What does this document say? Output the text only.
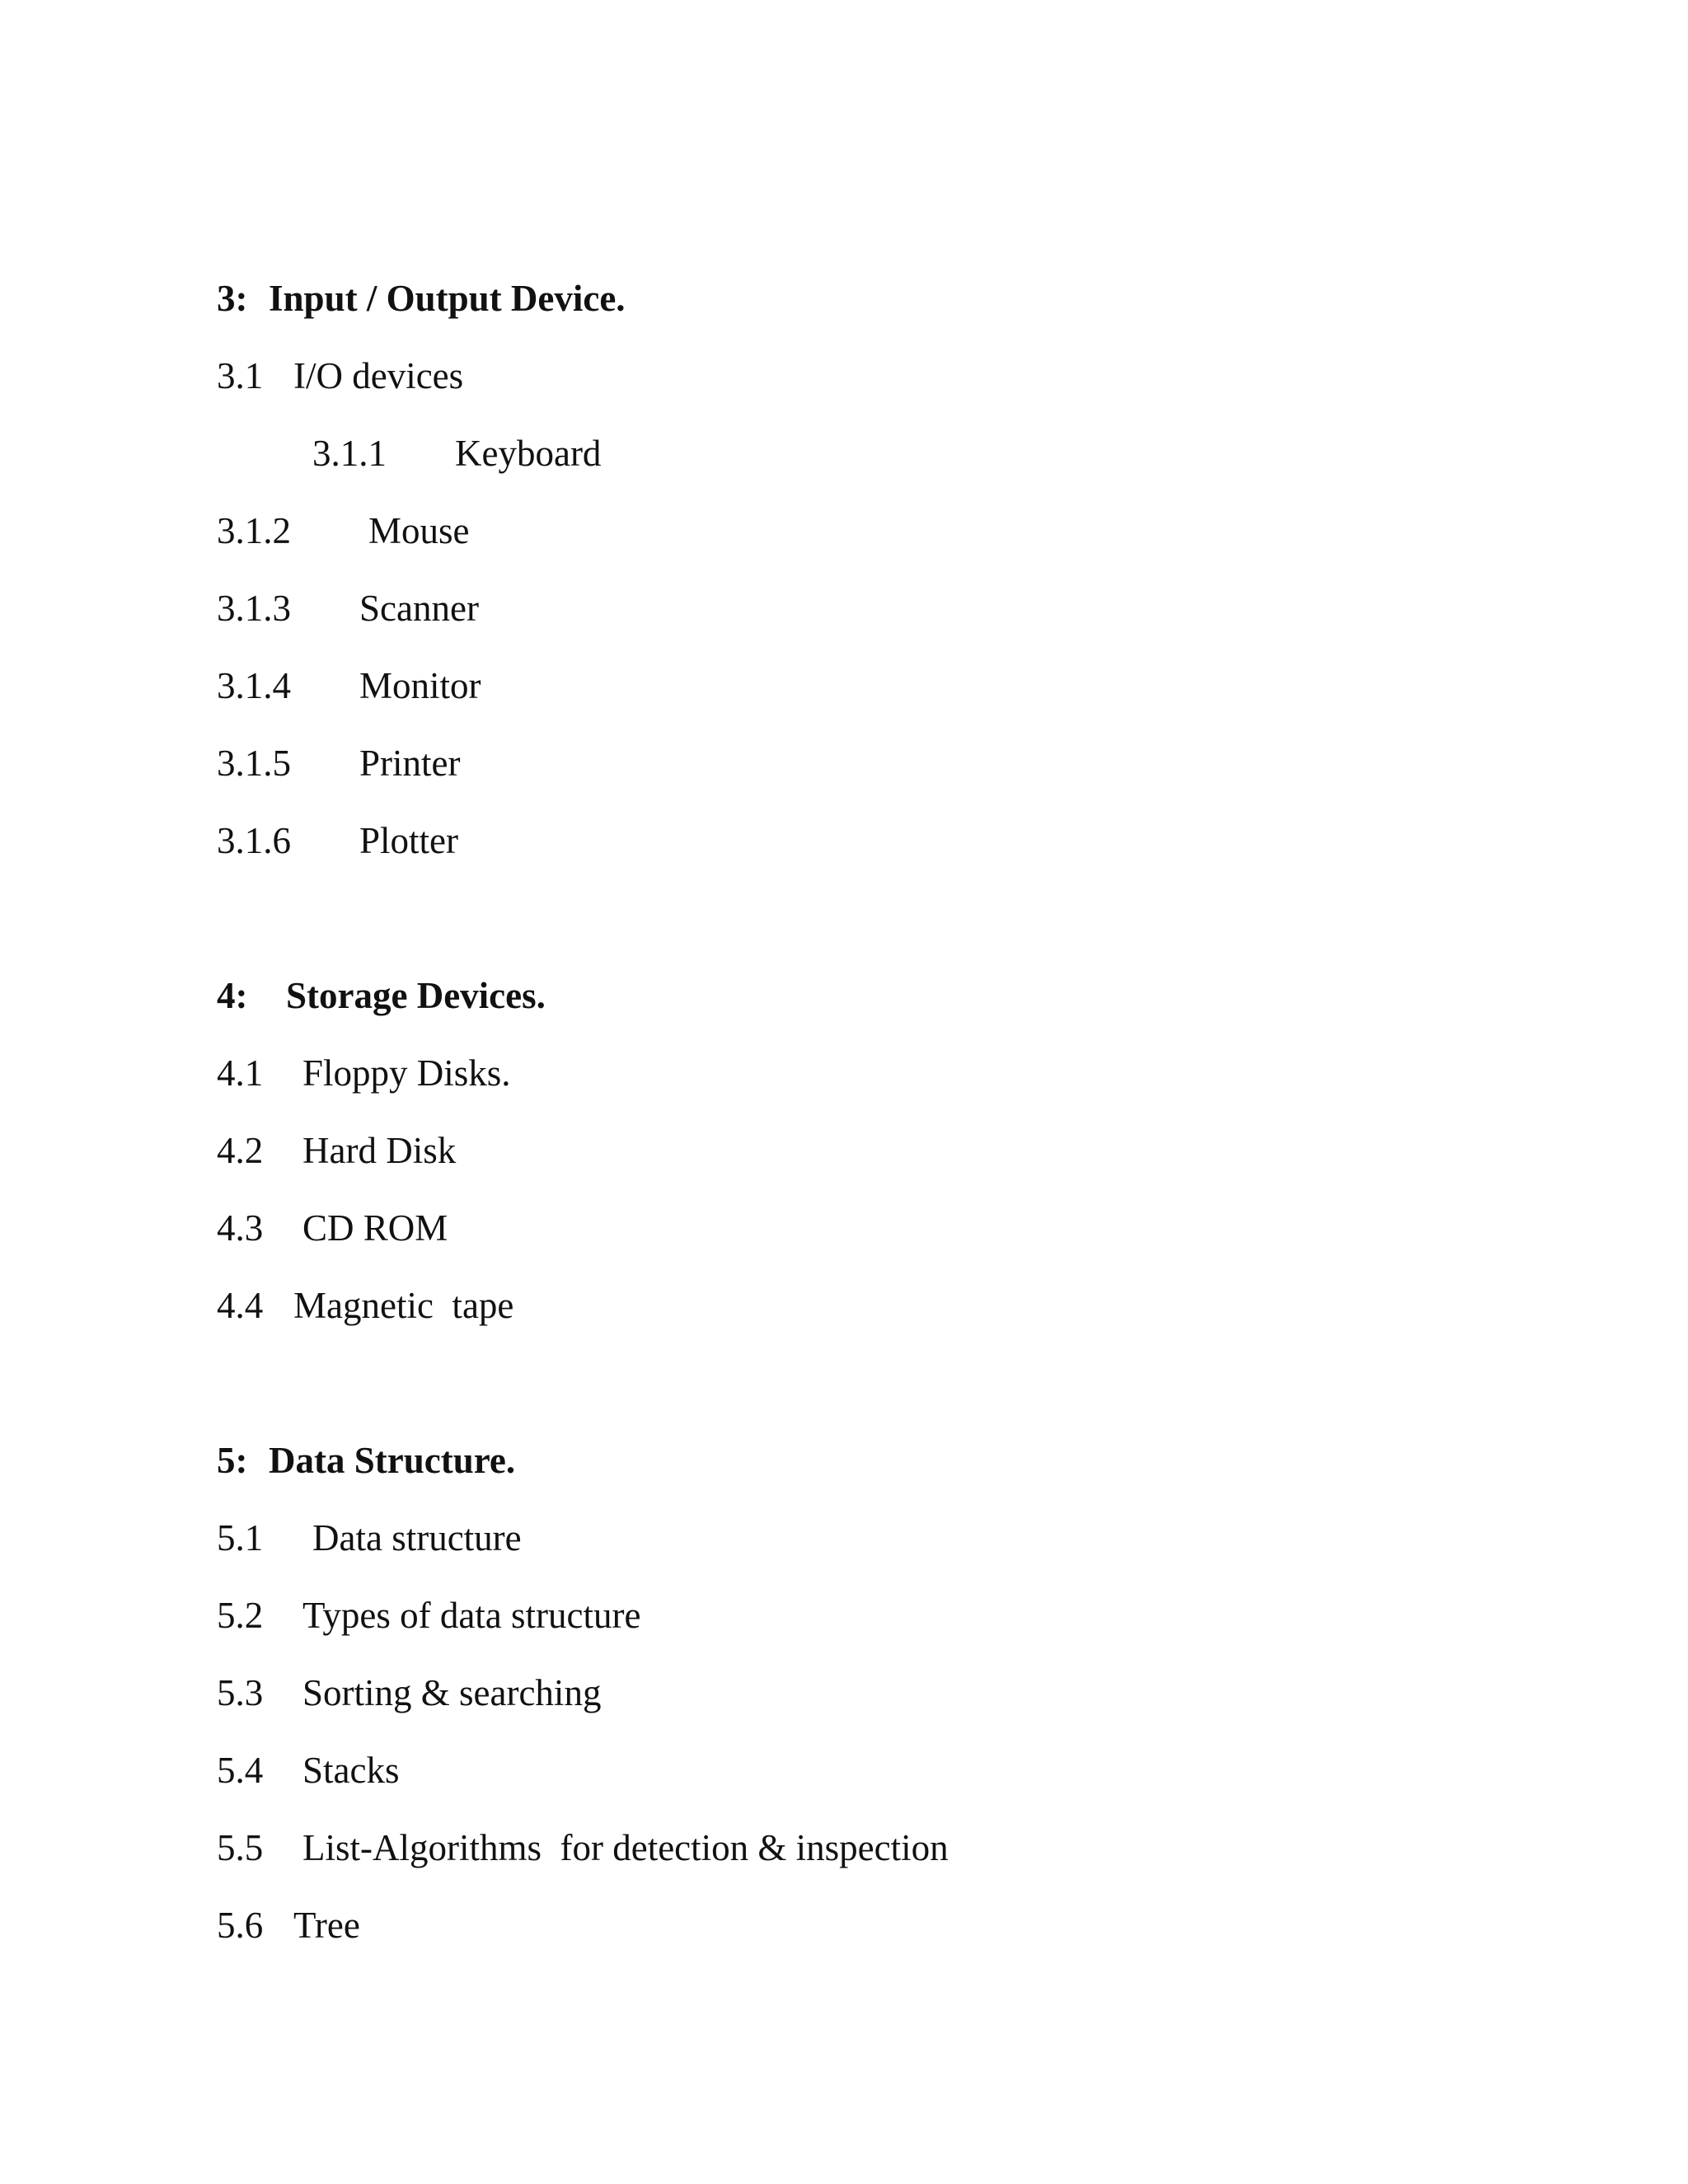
3:

Input / Output Device.

3.1

I/O devices

3.1.1

Keyboard

3.1.2

Mouse

3.1.3

Scanner

3.1.4

Monitor

3.1.5

Printer

3.1.6

Plotter

4:

Storage Devices.

4.1

Floppy Disks.

4.2

Hard Disk

4.3

CD ROM

4.4

Magnetic  tape

5:

Data Structure.

5.1

Data structure

5.2

Types of data structure

5.3

Sorting & searching

5.4

Stacks

5.5

List-Algorithms  for detection & inspection

5.6

Tree
